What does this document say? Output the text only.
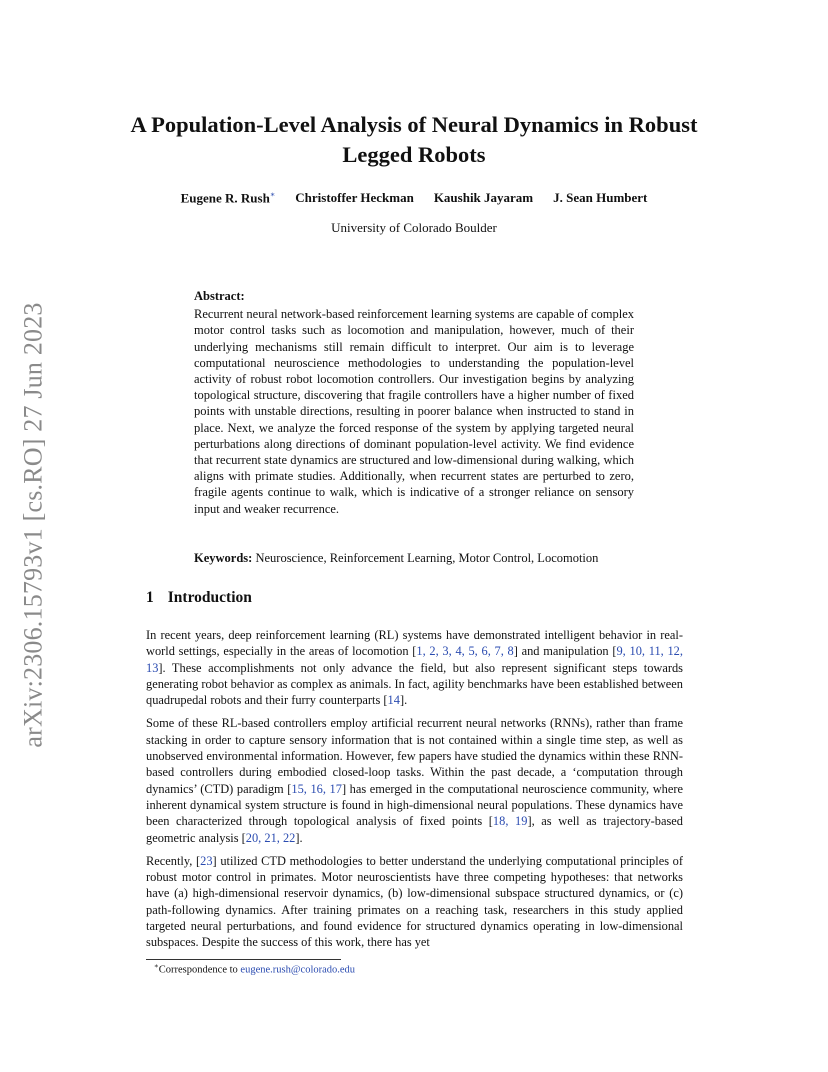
arXiv:2306.15793v1 [cs.RO] 27 Jun 2023
A Population-Level Analysis of Neural Dynamics in Robust Legged Robots
Eugene R. Rush∗ Christoffer Heckman Kaushik Jayaram J. Sean Humbert
University of Colorado Boulder
Abstract:

Recurrent neural network-based reinforcement learning systems are capable of complex motor control tasks such as locomotion and manipulation, however, much of their underlying mechanisms still remain difficult to interpret. Our aim is to leverage computational neuroscience methodologies to understanding the population-level activity of robust robot locomotion controllers. Our investigation begins by analyzing topological structure, discovering that fragile controllers have a higher number of fixed points with unstable directions, resulting in poorer balance when instructed to stand in place. Next, we analyze the forced response of the system by applying targeted neural perturbations along directions of dominant population-level activity. We find evidence that recurrent state dynamics are structured and low-dimensional during walking, which aligns with primate studies. Additionally, when recurrent states are perturbed to zero, fragile agents continue to walk, which is indicative of a stronger reliance on sensory input and weaker recurrence.

Keywords: Neuroscience, Reinforcement Learning, Motor Control, Locomotion
1 Introduction

In recent years, deep reinforcement learning (RL) systems have demonstrated intelligent behavior in real-world settings, especially in the areas of locomotion [1, 2, 3, 4, 5, 6, 7, 8] and manipulation [9, 10, 11, 12, 13]. These accomplishments not only advance the field, but also represent significant steps towards generating robot behavior as complex as animals. In fact, agility benchmarks have been established between quadrupedal robots and their furry counterparts [14].

Some of these RL-based controllers employ artificial recurrent neural networks (RNNs), rather than frame stacking in order to capture sensory information that is not contained within a single time step, as well as unobserved environmental information. However, few papers have studied the dynamics within these RNN-based controllers during embodied closed-loop tasks. Within the past decade, a ‘computation through dynamics’ (CTD) paradigm [15, 16, 17] has emerged in the computational neuroscience community, where inherent dynamical system structure is found in high-dimensional neural populations. These dynamics have been characterized through topological analysis of fixed points [18, 19], as well as trajectory-based geometric analysis [20, 21, 22].

Recently, [23] utilized CTD methodologies to better understand the underlying computational principles of robust motor control in primates. Motor neuroscientists have three competing hypotheses: that networks have (a) high-dimensional reservoir dynamics, (b) low-dimensional subspace structured dynamics, or (c) path-following dynamics. After training primates on a reaching task, researchers in this study applied targeted neural perturbations, and found evidence for structured dynamics operating in low-dimensional subspaces. Despite the success of this work, there has yet

∗Correspondence to eugene.rush@colorado.edu
